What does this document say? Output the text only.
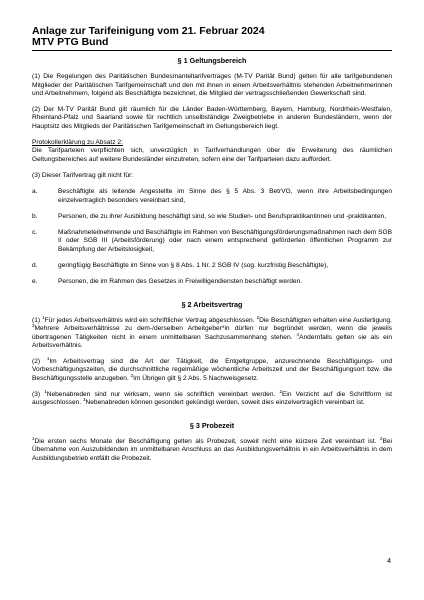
Anlage zur Tarifeinigung vom 21. Februar 2024
MTV PTG Bund

§ 1 Geltungsbereich

(1) Die Regelungen des Paritätischen Bundesmanteltarifvertrages (M-TV Parität Bund) gelten für alle tarifgebundenen Mitglieder der Paritätischen Tarifgemeinschaft und den mit ihnen in einem Arbeitsverhältnis stehenden Arbeitnehmerinnen und Arbeitnehmern, folgend als Beschäftigte bezeichnet, die Mitglied der vertragsschließenden Gewerkschaft sind.

(2) Der M-TV Parität Bund gilt räumlich für die Länder Baden-Württemberg, Bayern, Hamburg, Nordrhein-Westfalen, Rheinland-Pfalz und Saarland sowie für rechtlich unselbständige Zweigbetriebe in anderen Bundesländern, wenn der Hauptsitz des Mitglieds der Paritätischen Tarifgemeinschaft im Geltungsbereich liegt.

Protokollerklärung zu Absatz 2:

Die Tarifparteien verpflichten sich, unverzüglich in Tarifverhandlungen über die Erweiterung des räumlichen Geltungsbereiches auf weitere Bundesländer einzutreten, sofern eine der Tarifparteien dazu auffordert.

(3) Dieser Tarifvertrag gilt nicht für:

a.	Beschäftigte als leitende Angestellte im Sinne des § 5 Abs. 3 BetrVG, wenn ihre Arbeitsbedingungen einzelvertraglich besonders vereinbart sind,
b.	Personen, die zu ihrer Ausbildung beschäftigt sind, so wie Studien- und Berufspraktikantinnen und -praktikanten,
c.	Maßnahmeteilnehmende und Beschäftigte im Rahmen von Beschäftigungsförderungsmaßnahmen nach dem SGB II oder SGB III (Arbeitsförderung) oder nach einem entsprechend geförderten öffentlichen Programm zur Bekämpfung der Arbeitslosigkeit,
d.	geringfügig Beschäftigte im Sinne von § 8 Abs. 1 Nr. 2 SGB IV (sog. kurzfristig Beschäftigte),
e.	Personen, die im Rahmen des Gesetzes in Freiwilligendiensten beschäftigt werden.

§ 2 Arbeitsvertrag

(1) $^1$Für jedes Arbeitsverhältnis wird ein schriftlicher Vertrag abgeschlossen. $^2$Die Beschäftigten erhalten eine Ausfertigung. $^3$Mehrere Arbeitsverhältnisse zu dem-/derselben Arbeitgeber*in dürfen nur begründet werden, wenn die jeweils übertragenen Tätigkeiten nicht in einem unmittelbaren Sachzusammenhang stehen. $^4$Andernfalls gelten sie als ein Arbeitsverhältnis.

(2) $^1$Im Arbeitsvertrag sind die Art der Tätigkeit, die Entgeltgruppe, anzurechnende Beschäftigungs- und Vorbeschäftigungszeiten, die durchschnittliche regelmäßige wöchentliche Arbeitszeit und der Beschäftigungsort bzw. die Beschäftigungsstelle anzugeben. $^2$Im Übrigen gilt § 2 Abs. 5 Nachweisgesetz.

(3) $^1$Nebenabreden sind nur wirksam, wenn sie schriftlich vereinbart werden. $^2$Ein Verzicht auf die Schriftform ist ausgeschlossen. $^3$Nebenabreden können gesondert gekündigt werden, soweit dies einzelvertraglich vereinbart ist.

§ 3 Probezeit

$^1$Die ersten sechs Monate der Beschäftigung gelten als Probezeit, soweit nicht eine kürzere Zeit vereinbart ist. $^2$Bei Übernahme von Auszubildenden im unmittelbaren Anschluss an das Ausbildungsverhältnis in ein Arbeitsverhältnis in dem Ausbildungsbetrieb entfällt die Probezeit.

4
